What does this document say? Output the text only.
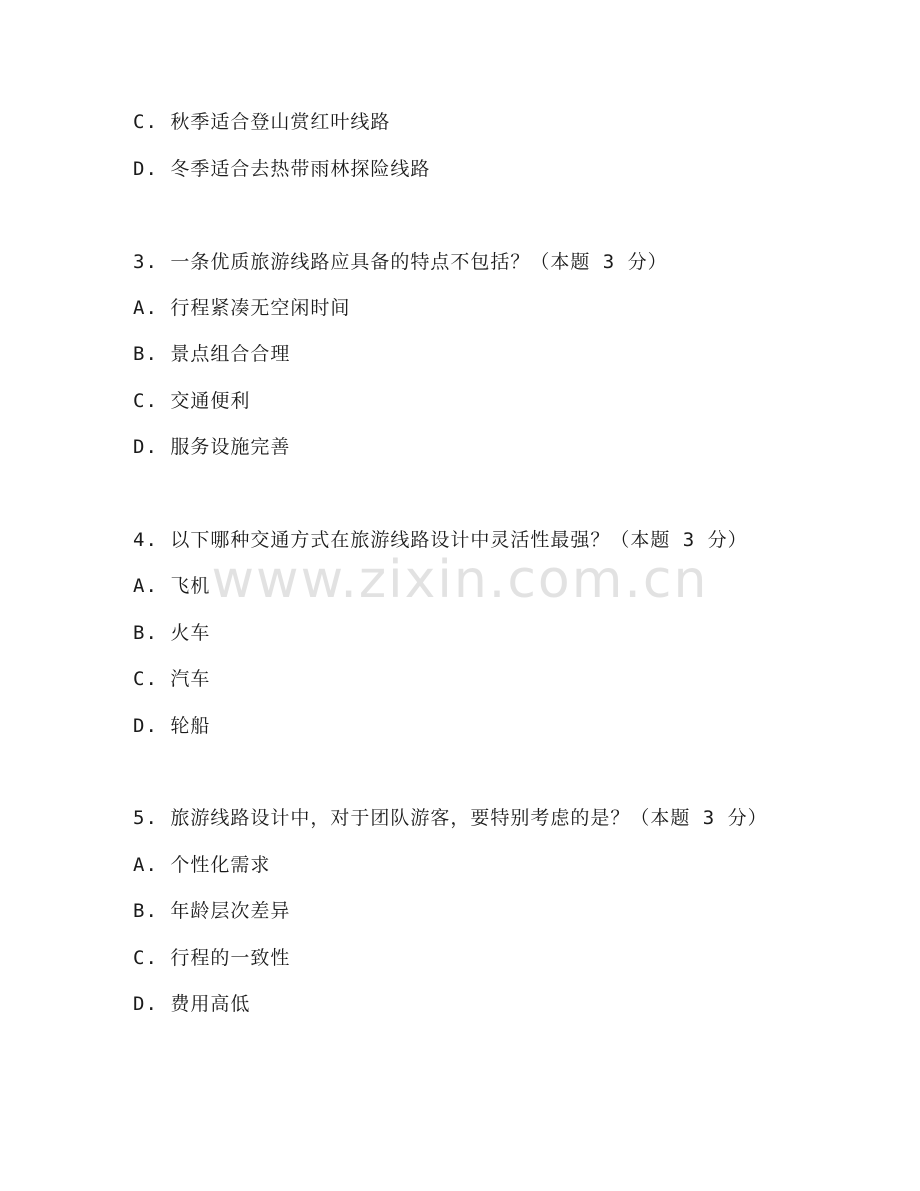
C. 秋季适合登山赏红叶线路
D. 冬季适合去热带雨林探险线路
3. 一条优质旅游线路应具备的特点不包括？（本题 3 分）
A. 行程紧凑无空闲时间
B. 景点组合合理
C. 交通便利
D. 服务设施完善
4. 以下哪种交通方式在旅游线路设计中灵活性最强？（本题 3 分）
A. 飞机
B. 火车
C. 汽车
D. 轮船
5. 旅游线路设计中，对于团队游客，要特别考虑的是？（本题 3 分）
A. 个性化需求
B. 年龄层次差异
C. 行程的一致性
D. 费用高低
www.zixin.com.cn
